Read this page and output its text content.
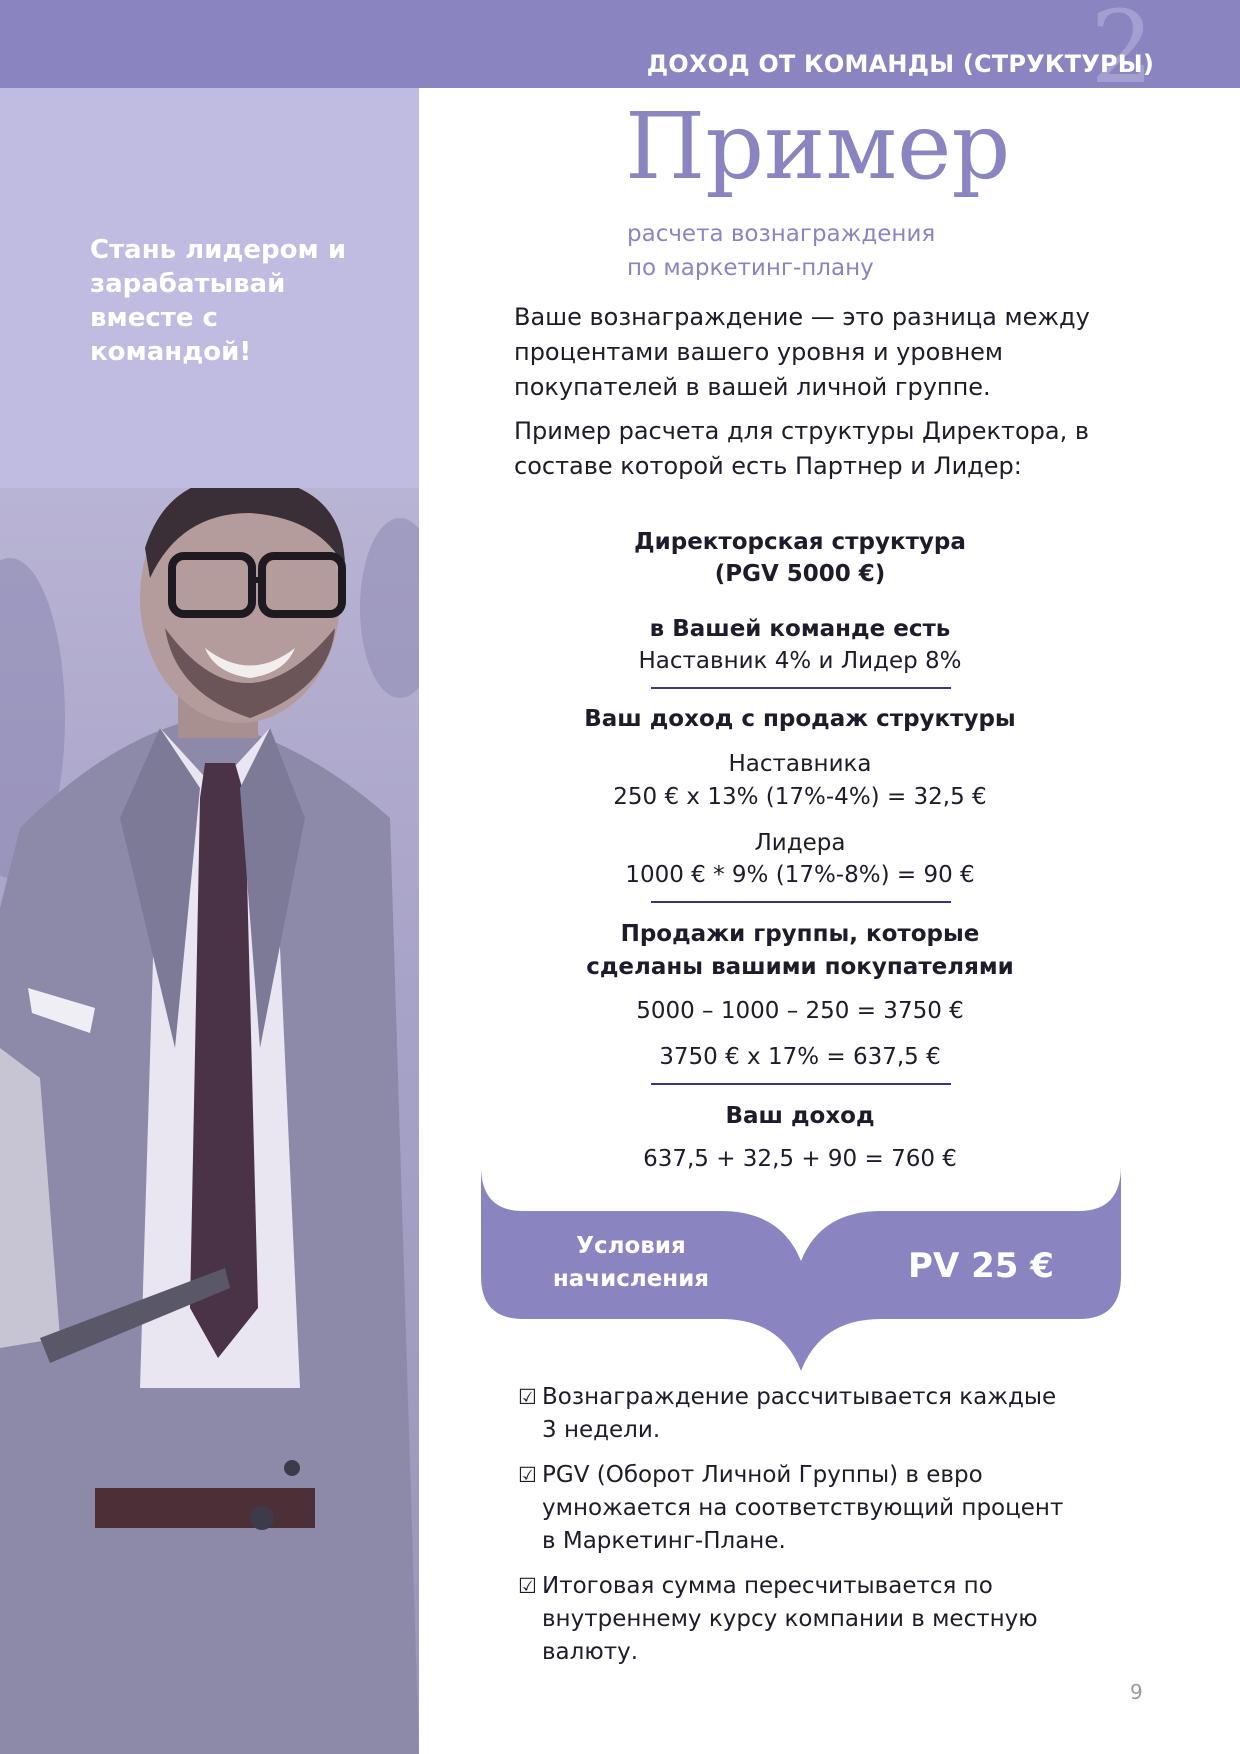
2
ДОХОД ОТ КОМАНДЫ (СТРУКТУРЫ)
Стань лидером и зарабатывай вместе с командой!
Пример
расчета вознаграждения
по маркетинг-плану

Ваше вознаграждение — это разница между процентами вашего уровня и уровнем покупателей в вашей личной группе.

Пример расчета для структуры Директора, в составе которой есть Партнер и Лидер:

Директорская структура
(PGV 5000 €)
в Вашей команде есть
Наставник 4% и Лидер 8%
Ваш доход с продаж структуры
Наставника
250 € x 13% (17%-4%) = 32,5 €
Лидера
1000 € * 9% (17%-8%) = 90 €
Продажи группы, которые
сделаны вашими покупателями
5000 – 1000 – 250 = 3750 €
3750 € x 17% = 637,5 €
Ваш доход
637,5 + 32,5 + 90 = 760 €
Условия начисления	PV 25 €
☑ Вознаграждение рассчитывается каждые 3 недели.
☑ PGV (Оборот Личной Группы) в евро умножается на соответствующий процент в Маркетинг-Плане.
☑ Итоговая сумма пересчитывается по внутреннему курсу компании в местную валюту.
9
